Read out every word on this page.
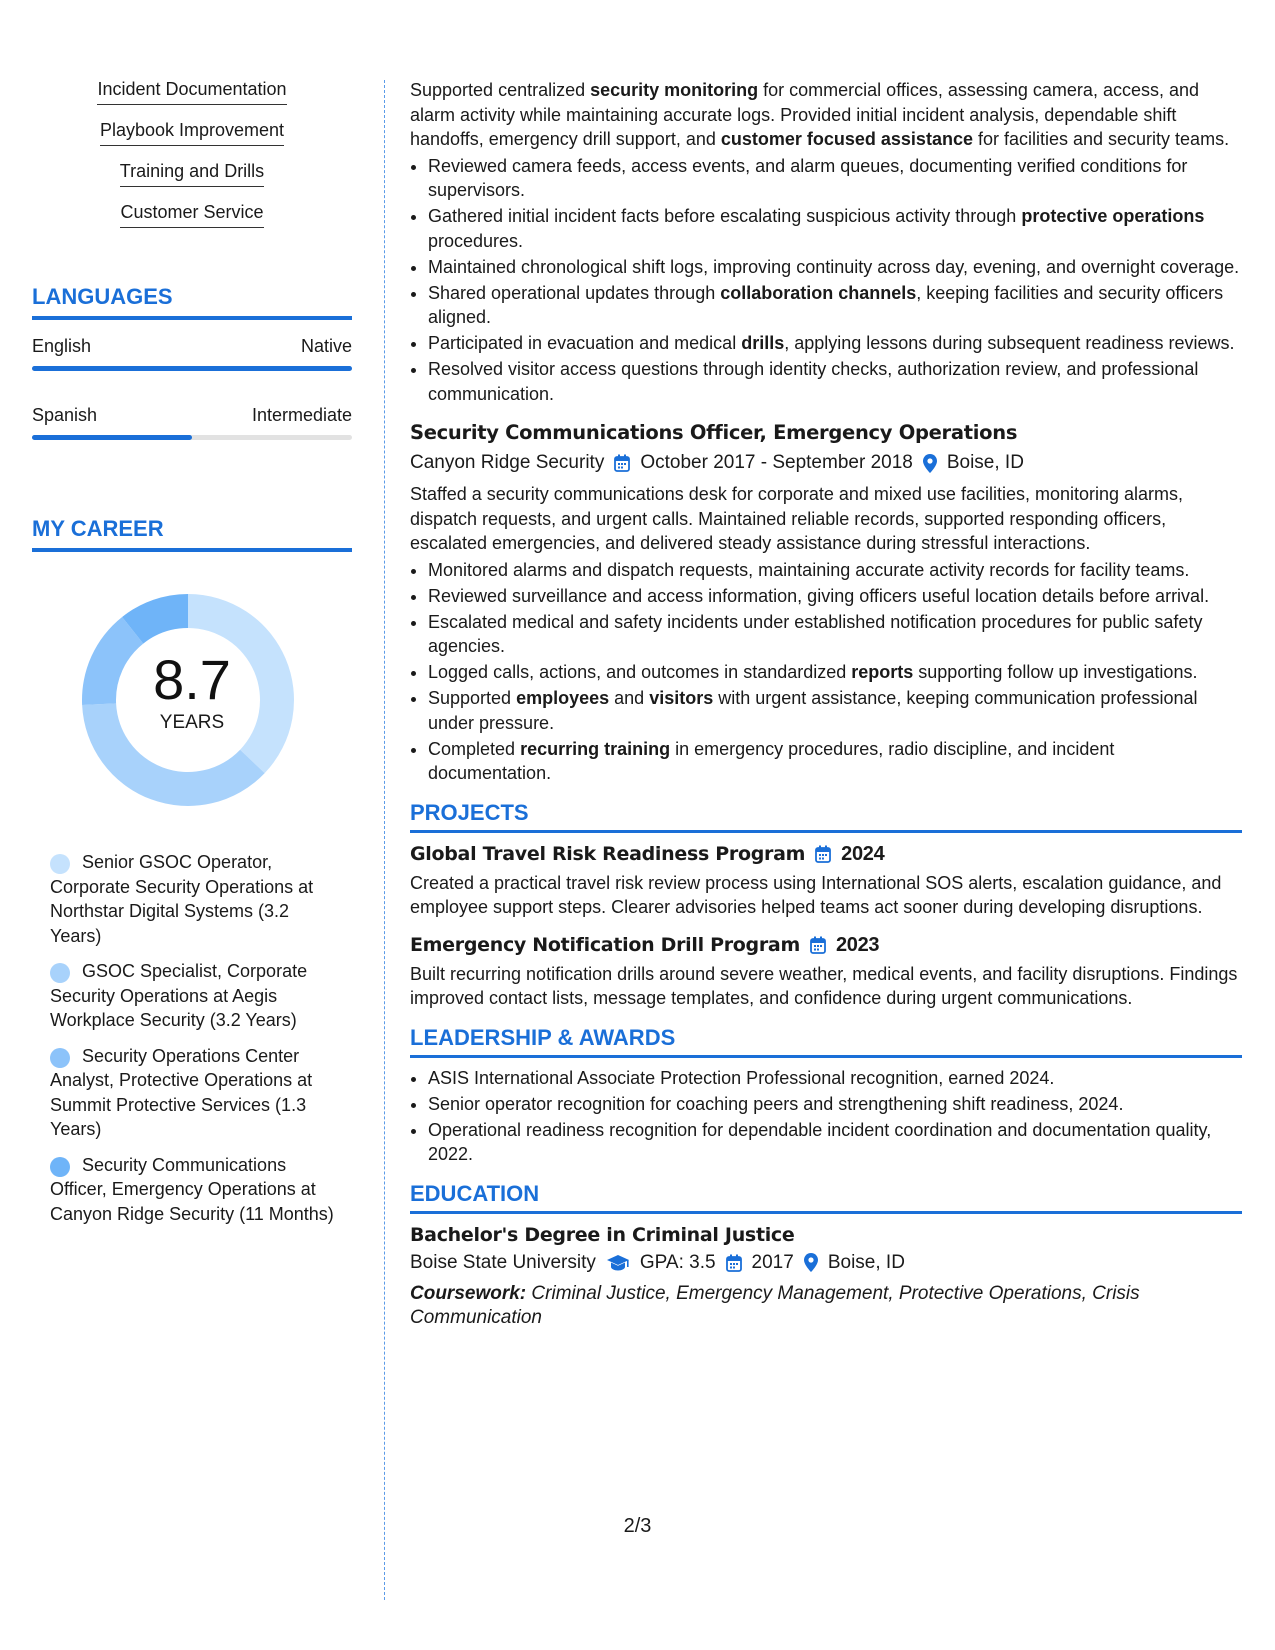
Incident Documentation
Playbook Improvement
Training and Drills
Customer Service
LANGUAGES
English	Native
Spanish	Intermediate
MY CAREER
8.7
YEARS
Senior GSOC Operator, Corporate Security Operations at Northstar Digital Systems (3.2 Years)
GSOC Specialist, Corporate Security Operations at Aegis Workplace Security (3.2 Years)
Security Operations Center Analyst, Protective Operations at Summit Protective Services (1.3 Years)
Security Communications Officer, Emergency Operations at Canyon Ridge Security (11 Months)

Supported centralized security monitoring for commercial offices, assessing camera, access, and alarm activity while maintaining accurate logs. Provided initial incident analysis, dependable shift handoffs, emergency drill support, and customer focused assistance for facilities and security teams.

• Reviewed camera feeds, access events, and alarm queues, documenting verified conditions for supervisors.
• Gathered initial incident facts before escalating suspicious activity through protective operations procedures.
• Maintained chronological shift logs, improving continuity across day, evening, and overnight coverage.
• Shared operational updates through collaboration channels, keeping facilities and security officers aligned.
• Participated in evacuation and medical drills, applying lessons during subsequent readiness reviews.
• Resolved visitor access questions through identity checks, authorization review, and professional communication.
Security Communications Officer, Emergency Operations
Canyon Ridge Security October 2017 - September 2018 Boise, ID

Staffed a security communications desk for corporate and mixed use facilities, monitoring alarms, dispatch requests, and urgent calls. Maintained reliable records, supported responding officers, escalated emergencies, and delivered steady assistance during stressful interactions.

• Monitored alarms and dispatch requests, maintaining accurate activity records for facility teams.
• Reviewed surveillance and access information, giving officers useful location details before arrival.
• Escalated medical and safety incidents under established notification procedures for public safety agencies.
• Logged calls, actions, and outcomes in standardized reports supporting follow up investigations.
• Supported employees and visitors with urgent assistance, keeping communication professional under pressure.
• Completed recurring training in emergency procedures, radio discipline, and incident documentation.
PROJECTS
Global Travel Risk Readiness Program 2024

Created a practical travel risk review process using International SOS alerts, escalation guidance, and employee support steps. Clearer advisories helped teams act sooner during developing disruptions.

Emergency Notification Drill Program 2023

Built recurring notification drills around severe weather, medical events, and facility disruptions. Findings improved contact lists, message templates, and confidence during urgent communications.

LEADERSHIP & AWARDS
• ASIS International Associate Protection Professional recognition, earned 2024.
• Senior operator recognition for coaching peers and strengthening shift readiness, 2024.
• Operational readiness recognition for dependable incident coordination and documentation quality, 2022.
EDUCATION
Bachelor's Degree in Criminal Justice
Boise State University GPA: 3.5 2017 Boise, ID
Coursework: Criminal Justice, Emergency Management, Protective Operations, Crisis Communication
2/3
